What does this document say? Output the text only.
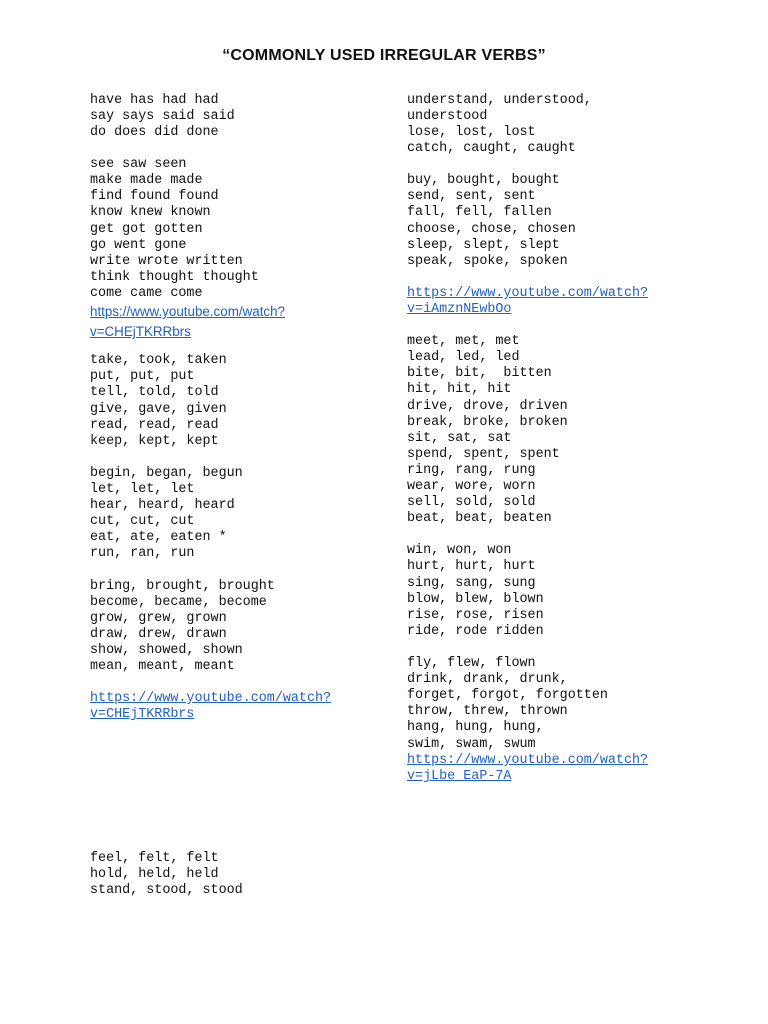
“COMMONLY USED IRREGULAR VERBS”
have has had had
say says said said
do does did done
see saw seen
make made made
find found found
know knew known
get got gotten
go went gone
write wrote written
think thought thought
come came come
https://www.youtube.com/watch?
v=CHEjTKRRbrs
take, took, taken
put, put, put
tell, told, told
give, gave, given
read, read, read
keep, kept, kept
begin, began, begun
let, let, let
hear, heard, heard
cut, cut, cut
eat, ate, eaten *
run, ran, run
bring, brought, brought
become, became, become
grow, grew, grown
draw, drew, drawn
show, showed, shown
mean, meant, meant
https://www.youtube.com/watch?
v=CHEjTKRRbrs
feel, felt, felt
hold, held, held
stand, stood, stood
understand, understood,
understood
lose, lost, lost
catch, caught, caught
buy, bought, bought
send, sent, sent
fall, fell, fallen
choose, chose, chosen
sleep, slept, slept
speak, spoke, spoken
https://www.youtube.com/watch?
v=iAmznNEwbOo
meet, met, met
lead, led, led
bite, bit,  bitten
hit, hit, hit
drive, drove, driven
break, broke, broken
sit, sat, sat
spend, spent, spent
ring, rang, rung
wear, wore, worn
sell, sold, sold
beat, beat, beaten
win, won, won
hurt, hurt, hurt
sing, sang, sung
blow, blew, blown
rise, rose, risen
ride, rode ridden
fly, flew, flown
drink, drank, drunk,
forget, forgot, forgotten
throw, threw, thrown
hang, hung, hung,
swim, swam, swum
https://www.youtube.com/watch?
v=jLbe_EaP-7A
